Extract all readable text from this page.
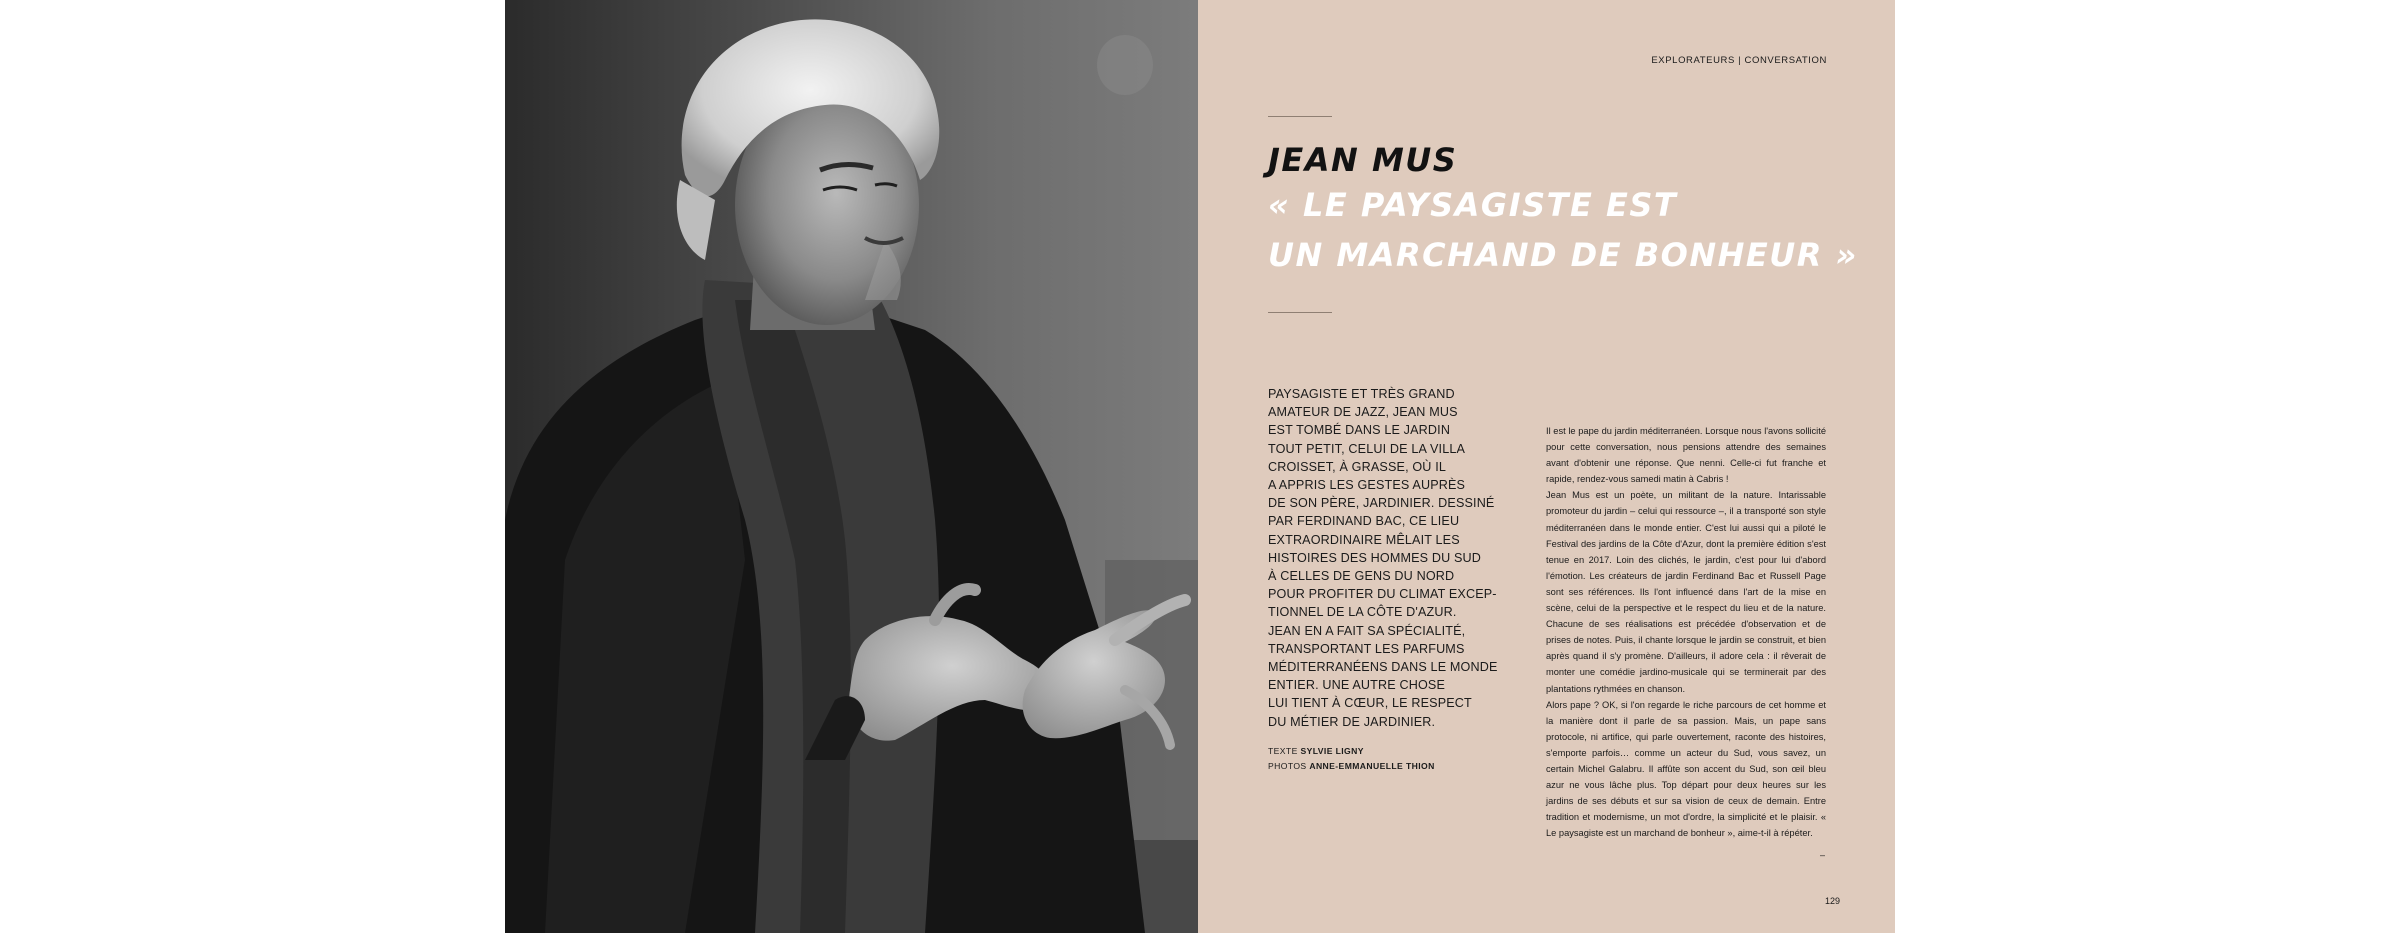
EXPLORATEURS | CONVERSATION
JEAN MUS
« LE PAYSAGISTE EST
UN MARCHAND DE BONHEUR »

PAYSAGISTE ET TRÈS GRAND
AMATEUR DE JAZZ, JEAN MUS
EST TOMBÉ DANS LE JARDIN
TOUT PETIT, CELUI DE LA VILLA
CROISSET, À GRASSE, OÙ IL
A APPRIS LES GESTES AUPRÈS
DE SON PÈRE, JARDINIER. DESSINÉ
PAR FERDINAND BAC, CE LIEU
EXTRAORDINAIRE MÊLAIT LES
HISTOIRES DES HOMMES DU SUD
À CELLES DE GENS DU NORD
POUR PROFITER DU CLIMAT EXCEP-
TIONNEL DE LA CÔTE D'AZUR.
JEAN EN A FAIT SA SPÉCIALITÉ,
TRANSPORTANT LES PARFUMS
MÉDITERRANÉENS DANS LE MONDE
ENTIER. UNE AUTRE CHOSE
LUI TIENT À CŒUR, LE RESPECT
DU MÉTIER DE JARDINIER.

TEXTE SYLVIE LIGNY
PHOTOS ANNE-EMMANUELLE THION

Il est le pape du jardin méditerranéen. Lorsque nous l'avons sollicité pour cette conversation, nous pensions attendre des semaines avant d'obtenir une réponse. Que nenni. Celle-ci fut franche et rapide, rendez-vous samedi matin à Cabris !

Jean Mus est un poète, un militant de la nature. Intarissable promoteur du jardin – celui qui ressource –, il a transporté son style méditerranéen dans le monde entier. C'est lui aussi qui a piloté le Festival des jardins de la Côte d'Azur, dont la première édition s'est tenue en 2017. Loin des clichés, le jardin, c'est pour lui d'abord l'émotion. Les créateurs de jardin Ferdinand Bac et Russell Page sont ses références. Ils l'ont influencé dans l'art de la mise en scène, celui de la perspective et le respect du lieu et de la nature. Chacune de ses réalisations est précédée d'observation et de prises de notes. Puis, il chante lorsque le jardin se construit, et bien après quand il s'y promène. D'ailleurs, il adore cela : il rêverait de monter une comédie jardino-musicale qui se terminerait par des plantations rythmées en chanson.

Alors pape ? OK, si l'on regarde le riche parcours de cet homme et la manière dont il parle de sa passion. Mais, un pape sans protocole, ni artifice, qui parle ouvertement, raconte des histoires, s'emporte parfois… comme un acteur du Sud, vous savez, un certain Michel Galabru. Il affûte son accent du Sud, son œil bleu azur ne vous lâche plus. Top départ pour deux heures sur les jardins de ses débuts et sur sa vision de ceux de demain. Entre tradition et modernisme, un mot d'ordre, la simplicité et le plaisir. « Le paysagiste est un marchand de bonheur », aime-t-il à répéter.

–
129
